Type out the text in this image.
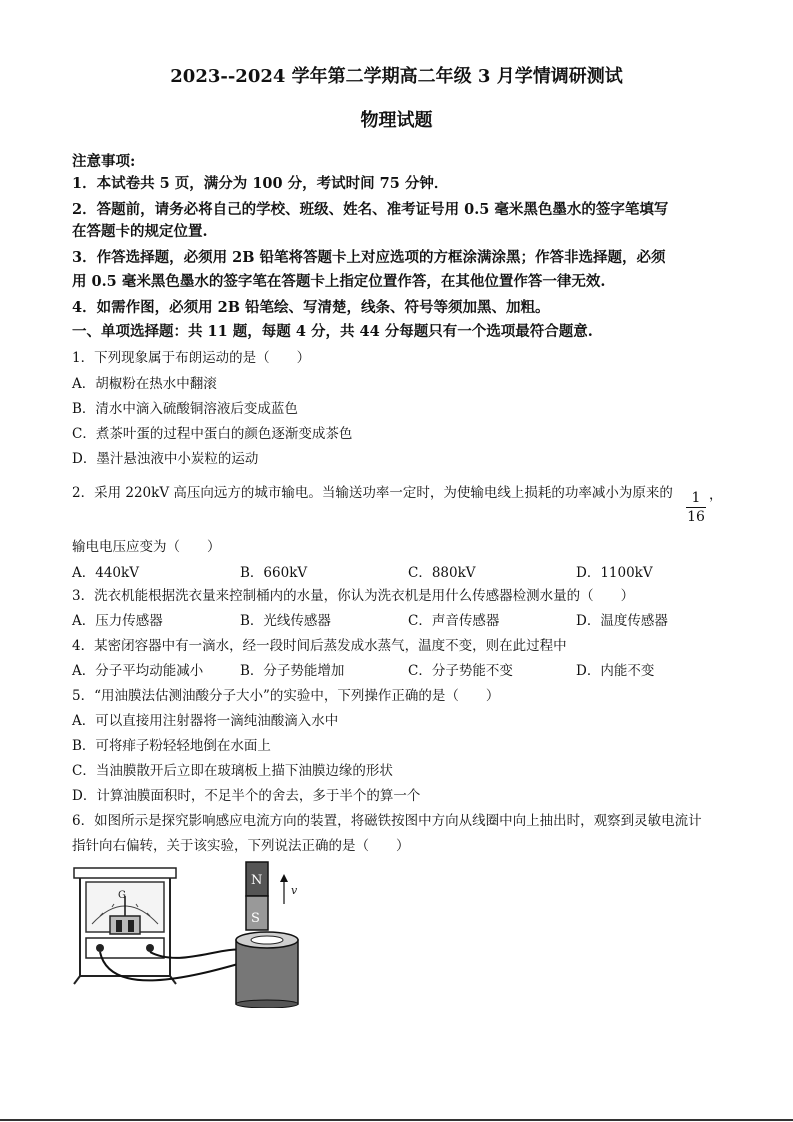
2023--2024 学年第二学期高二年级 3 月学情调研测试
物理试题
注意事项:
1．本试卷共 5 页，满分为 100 分，考试时间 75 分钟．
2．答题前，请务必将自己的学校、班级、姓名、准考证号用 0.5 毫米黑色墨水的签字笔填写
在答题卡的规定位置.
3．作答选择题，必须用 2B 铅笔将答题卡上对应选项的方框涂满涂黑；作答非选择题，必须
用 0.5 毫米黑色墨水的签字笔在答题卡上指定位置作答，在其他位置作答一律无效.
4．如需作图，必须用 2B 铅笔绘、写清楚，线条、符号等须加黑、加粗。
一、单项选择题：共 11 题，每题 4 分，共 44 分每题只有一个选项最符合题意.
1．下列现象属于布朗运动的是（　　）
A．胡椒粉在热水中翻滚
B．清水中滴入硫酸铜溶液后变成蓝色
C．煮茶叶蛋的过程中蛋白的颜色逐渐变成茶色
D．墨汁悬浊液中小炭粒的运动
2．采用 220kV 高压向远方的城市输电。当输送功率一定时，为使输电线上损耗的功率减小为原来的	1
16
，
输电电压应变为（　　）
A．440kV	B．660kV	C．880kV	D．1100kV
3．洗衣机能根据洗衣量来控制桶内的水量，你认为洗衣机是用什么传感器检测水量的（　　）
A．压力传感器	B．光线传感器	C．声音传感器	D．温度传感器
4．某密闭容器中有一滴水，经一段时间后蒸发成水蒸气，温度不变，则在此过程中
A．分子平均动能减小	B．分子势能增加	C．分子势能不变	D．内能不变
5．“用油膜法估测油酸分子大小”的实验中，下列操作正确的是（　　）
A．可以直接用注射器将一滴纯油酸滴入水中
B．可将痱子粉轻轻地倒在水面上
C．当油膜散开后立即在玻璃板上描下油膜边缘的形状
D．计算油膜面积时，不足半个的舍去，多于半个的算一个
6．如图所示是探究影响感应电流方向的装置，将磁铁按图中方向从线圈中向上抽出时，观察到灵敏电流计
指针向右偏转，关于该实验，下列说法正确的是（　　）
G
N
S
v
